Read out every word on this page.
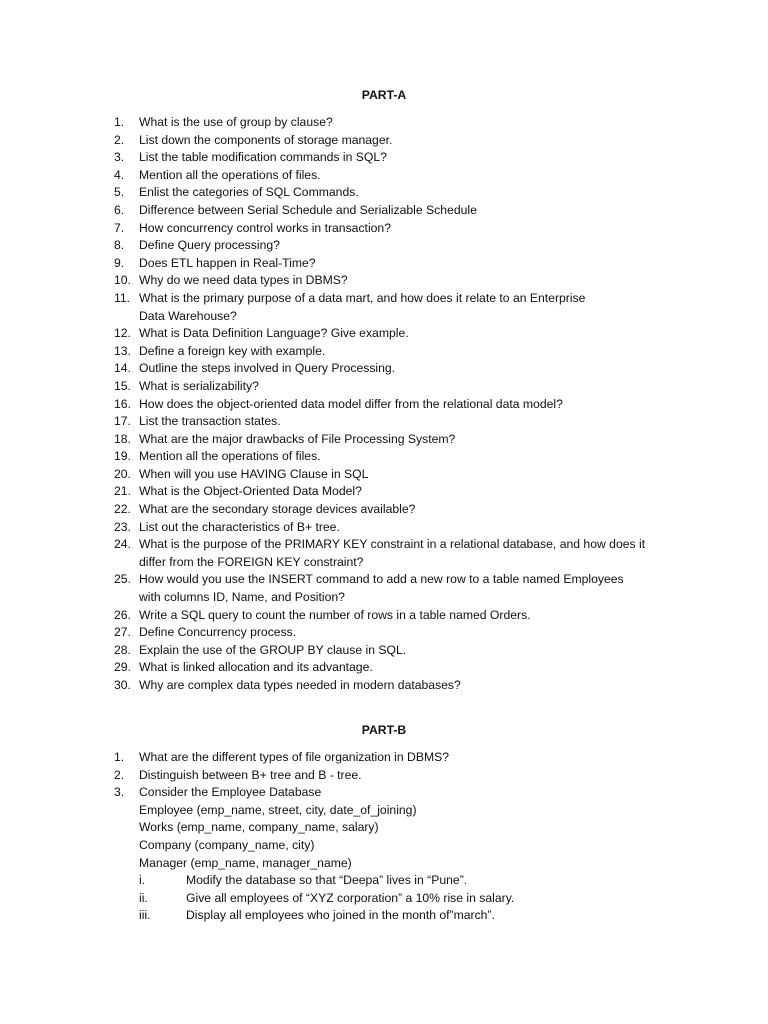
PART-A
1.	What is the use of group by clause?
2.	List down the components of storage manager.
3.	List the table modification commands in SQL?
4.	Mention all the operations of files.
5.	Enlist the categories of SQL Commands.
6.	Difference between Serial Schedule and Serializable Schedule
7.	How concurrency control works in transaction?
8.	Define Query processing?
9.	Does ETL happen in Real-Time?
10. Why do we need data types in DBMS?
11. What is the primary purpose of a data mart, and how does it relate to an Enterprise
Data Warehouse?
12. What is Data Definition Language? Give example.
13. Define a foreign key with example.
14. Outline the steps involved in Query Processing.
15. What is serializability?
16. How does the object-oriented data model differ from the relational data model?
17. List the transaction states.
18. What are the major drawbacks of File Processing System?
19. Mention all the operations of files.
20. When will you use HAVING Clause in SQL
21. What is the Object-Oriented Data Model?
22. What are the secondary storage devices available?
23. List out the characteristics of B+ tree.
24. What is the purpose of the PRIMARY KEY constraint in a relational database, and how does it
differ from the FOREIGN KEY constraint?
25. How would you use the INSERT command to add a new row to a table named Employees
with columns ID, Name, and Position?
26. Write a SQL query to count the number of rows in a table named Orders.
27. Define Concurrency process.
28. Explain the use of the GROUP BY clause in SQL.
29. What is linked allocation and its advantage.
30. Why are complex data types needed in modern databases?
PART-B
1.	What are the different types of file organization in DBMS?
2.	Distinguish between B+ tree and B - tree.
3.	Consider the Employee Database
Employee (emp_name, street, city, date_of_joining)
Works (emp_name, company_name, salary)
Company (company_name, city)
Manager (emp_name, manager_name)
i.	Modify the database so that “Deepa” lives in “Pune”.
ii.	Give all employees of “XYZ corporation” a 10% rise in salary.
iii.	Display all employees who joined in the month of”march”.
